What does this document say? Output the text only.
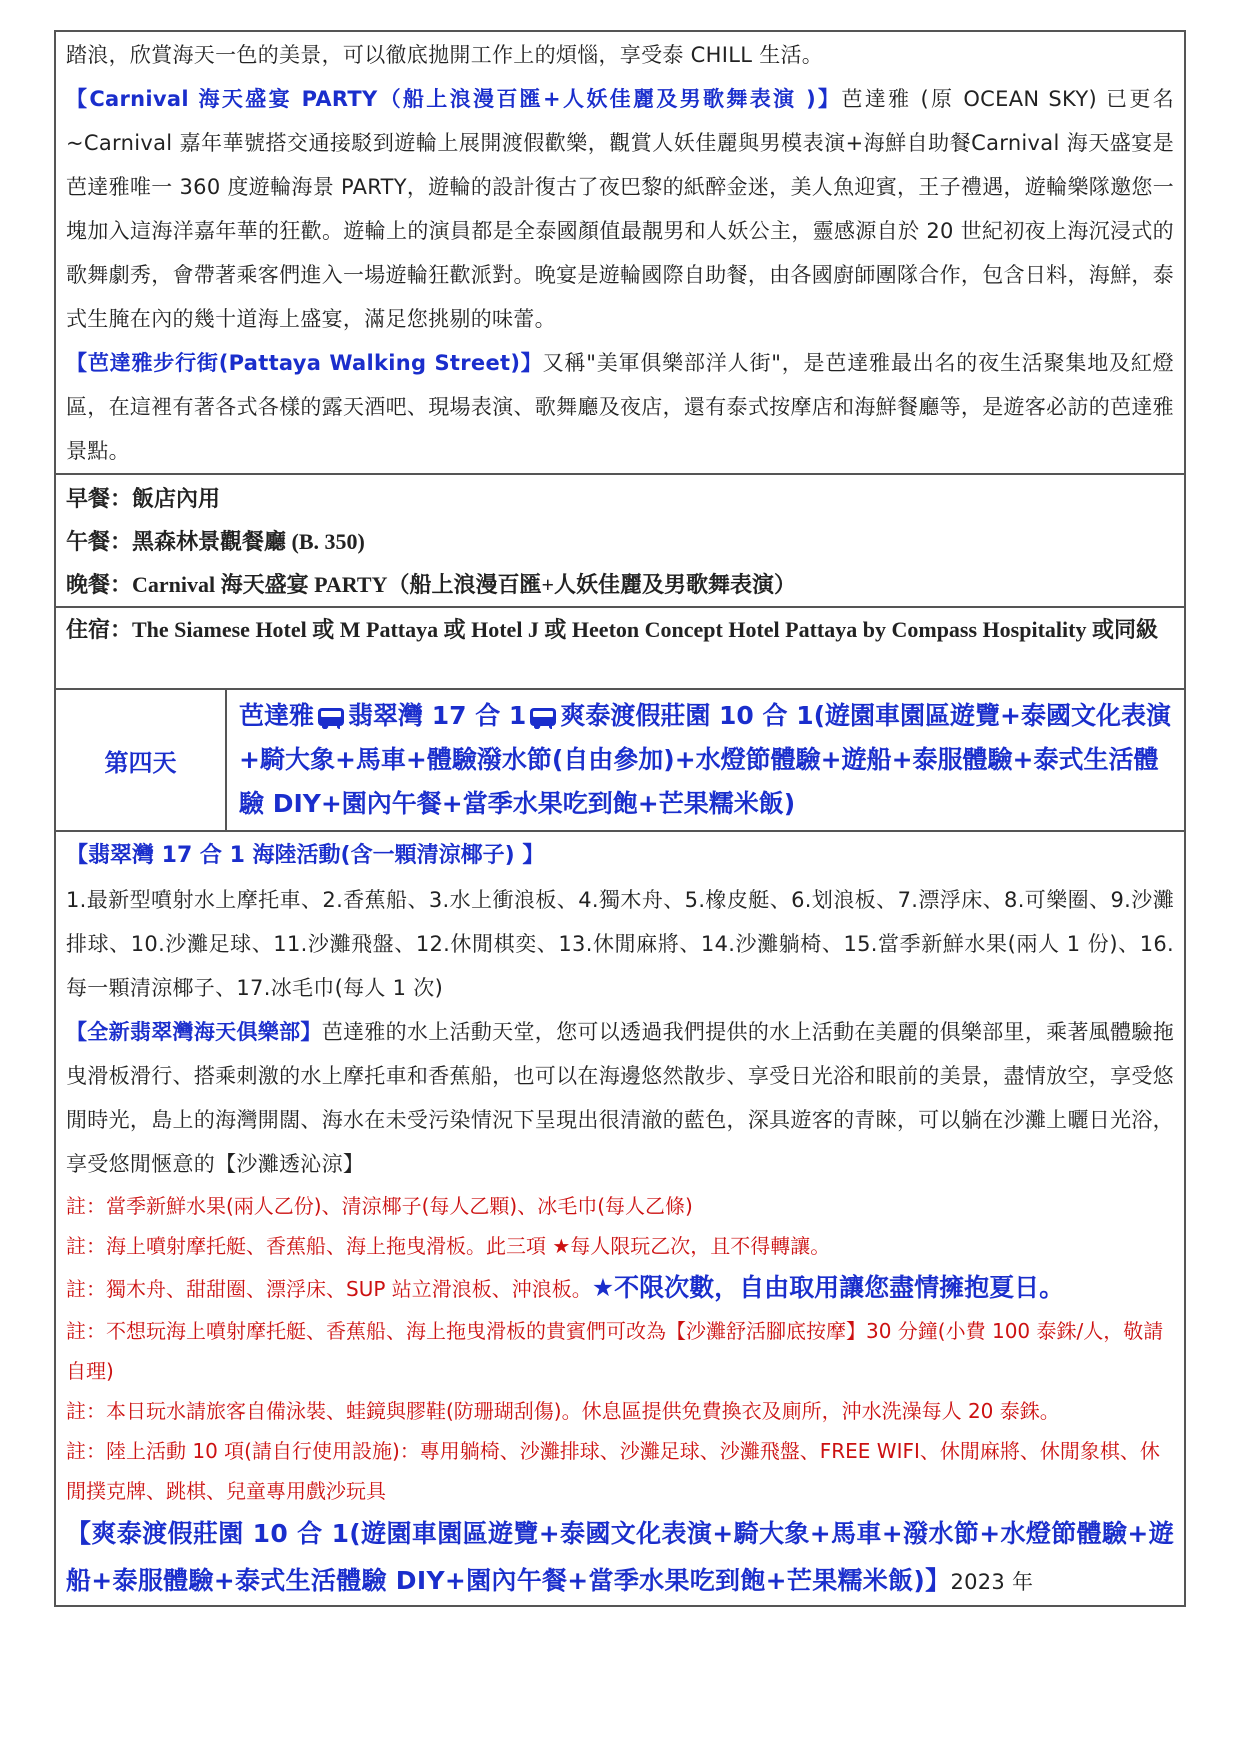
踏浪，欣賞海天一色的美景，可以徹底拋開工作上的煩惱，享受泰 CHILL 生活。

【Carnival 海天盛宴 PARTY（船上浪漫百匯+人妖佳麗及男歌舞表演 )】芭達雅 (原 OCEAN SKY) 已更名~Carnival 嘉年華號搭交通接駁到遊輪上展開渡假歡樂，觀賞人妖佳麗與男模表演+海鮮自助餐Carnival 海天盛宴是芭達雅唯一 360 度遊輪海景 PARTY，遊輪的設計復古了夜巴黎的紙醉金迷，美人魚迎賓，王子禮遇，遊輪樂隊邀您一塊加入這海洋嘉年華的狂歡。遊輪上的演員都是全泰國顏值最靚男和人妖公主，靈感源自於 20 世紀初夜上海沉浸式的歌舞劇秀，會帶著乘客們進入一場遊輪狂歡派對。晚宴是遊輪國際自助餐，由各國廚師團隊合作，包含日料，海鮮，泰式生腌在內的幾十道海上盛宴，滿足您挑剔的味蕾。

【芭達雅步行街(Pattaya Walking Street)】又稱"美軍俱樂部洋人街"，是芭達雅最出名的夜生活聚集地及紅燈區，在這裡有著各式各樣的露天酒吧、現場表演、歌舞廳及夜店，還有泰式按摩店和海鮮餐廳等，是遊客必訪的芭達雅景點。

早餐：飯店內用

午餐：黑森林景觀餐廳 (B. 350)

晚餐：Carnival 海天盛宴 PARTY（船上浪漫百匯+人妖佳麗及男歌舞表演）

住宿：The Siamese Hotel 或 M Pattaya 或 Hotel J 或 Heeton Concept Hotel Pattaya by Compass Hospitality 或同級

第四天	芭達雅 翡翠灣 17 合 1 爽泰渡假莊園 10 合 1(遊園車園區遊覽+泰國文化表演+騎大象+馬車+體驗潑水節(自由參加)+水燈節體驗+遊船+泰服體驗+泰式生活體驗 DIY+園內午餐+當季水果吃到飽+芒果糯米飯)

【翡翠灣 17 合 1 海陸活動(含一顆清涼椰子) 】

1.最新型噴射水上摩托車、2.香蕉船、3.水上衝浪板、4.獨木舟、5.橡皮艇、6.划浪板、7.漂浮床、8.可樂圈、9.沙灘排球、10.沙灘足球、11.沙灘飛盤、12.休閒棋奕、13.休閒麻將、14.沙灘躺椅、15.當季新鮮水果(兩人 1 份)、16.每一顆清涼椰子、17.冰毛巾(每人 1 次)

【全新翡翠灣海天俱樂部】芭達雅的水上活動天堂，您可以透過我們提供的水上活動在美麗的俱樂部里，乘著風體驗拖曳滑板滑行、搭乘刺激的水上摩托車和香蕉船，也可以在海邊悠然散步、享受日光浴和眼前的美景，盡情放空，享受悠閒時光，島上的海灣開闊、海水在未受污染情況下呈現出很清澈的藍色，深具遊客的青睞，可以躺在沙灘上曬日光浴，享受悠閒愜意的【沙灘透沁涼】

註：當季新鮮水果(兩人乙份)、清涼椰子(每人乙顆)、冰毛巾(每人乙條)

註：海上噴射摩托艇、香蕉船、海上拖曳滑板。此三項 ★每人限玩乙次，且不得轉讓。

註：獨木舟、甜甜圈、漂浮床、SUP 站立滑浪板、沖浪板。★不限次數，自由取用讓您盡情擁抱夏日。

註：不想玩海上噴射摩托艇、香蕉船、海上拖曳滑板的貴賓們可改為【沙灘舒活腳底按摩】30 分鐘(小費 100 泰銖/人，敬請自理)

註：本日玩水請旅客自備泳裝、蛙鏡與膠鞋(防珊瑚刮傷)。休息區提供免費換衣及廁所，沖水洗澡每人 20 泰銖。

註：陸上活動 10 項(請自行使用設施)：專用躺椅、沙灘排球、沙灘足球、沙灘飛盤、FREE WIFI、休閒麻將、休閒象棋、休閒撲克牌、跳棋、兒童專用戲沙玩具

【爽泰渡假莊園 10 合 1(遊園車園區遊覽+泰國文化表演+騎大象+馬車+潑水節+水燈節體驗+遊船+泰服體驗+泰式生活體驗 DIY+園內午餐+當季水果吃到飽+芒果糯米飯)】2023 年
